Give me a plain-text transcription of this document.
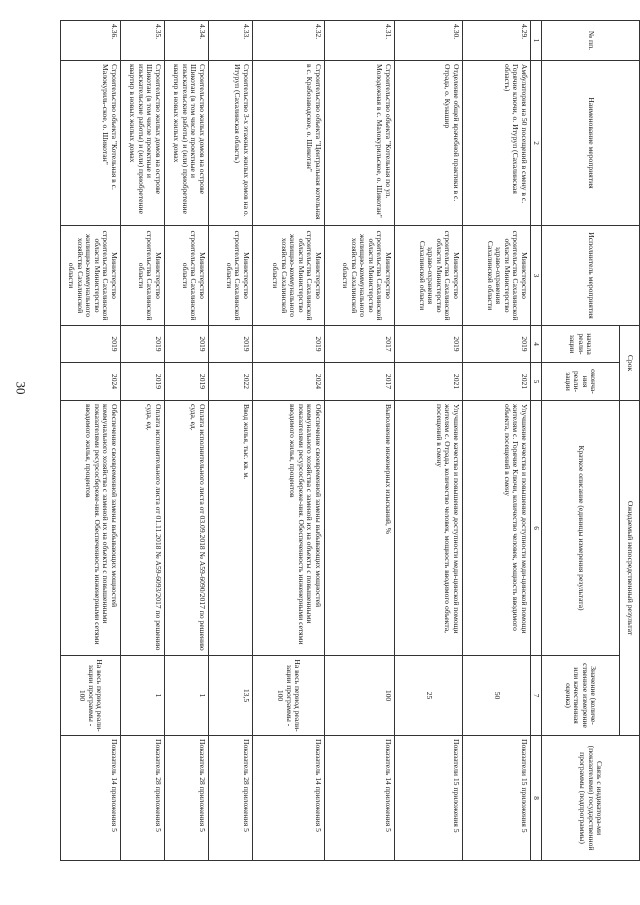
30
№ пп.	Наименование мероприятия	Исполнитель мероприятия	Срок		Ожидаемый непосредственный результат		Связь с индикатора-ми (показателями) государственной программы (подпрограммы)
			начала реали-зации	оконча-ния реали-зации	Краткое описание (единицы измерения результата)	Значение (количе-ственное измерение или качественная оценка)	
1	2	3	4	5	6	7	8
4.29.	Амбулатория на 50 посещений в смену в с. Горячие ключи, о. Итуруп (Сахалинская область)	Министерство строительства Сахалинской области Министерство здраво-охранения Сахалинской области	2019	2021	Улучшение качества и повышение доступности меди-цинской помощи жителям с. Горячие Ключи, количество человек, мощность вводимого объекта, посещений в смену	50	Показатели 15 приложения 5
4.30.	Отделение общей врачебной практики в с. Отрада, о. Кунашир	Министерство строительства Сахалинской области Министерство здраво-охранения Сахалинской области	2019	2021	Улучшение качества и повышение доступности меди-цинской помощи жителям с. Отрада, количество человек, мощность вводимого объекта, посещений в смену	25	Показатели 15 приложения 5
4.31.	Строительство объекта "Котельная по ул. Молодежная в с. Малокурильское, о. Шикотан"	Министерство строительства Сахалинской области Министерство жилищно-коммунального хозяйства Сахалинской области	2017	2017	Выполнение инженерных изысканий, %	100	Показатель 14 приложения 5
4.32.	Строительство объекта "Центральная котельная в с. Крабозаводское, о. Шикотан"	Министерство строительства Сахалинской области Министерство жилищно-коммунального хозяйства Сахалинской области	2019	2024	Обеспечение своевременной замены выбывающих мощностей коммунального хозяйства с заменой их на объекты с повышенными показателями ресурсосбереже-ния. Обеспеченность инженерными сетями вводимого жилья, процентов	На весь период реали-зации программы - 100	Показатель 14 приложения 5
4.33.	Строительство 3-х этажных жилых домов на о. Итуруп (Сахалинская область)	Министерство строительства Сахалинской области	2019	2022	Ввод жилья, тыс. кв. м.	13,5	Показатель 28 приложения 5
4.34.	Строительство жилых домов на острове Шикотан (в том числе проектные и изыскательские работы) и (или) приобретение квартир в новых жилых домах	Министерство строительства Сахалинской области	2019	2019	Оплата исполнительного листа от 03.09.2018 № А59-6090/2017 по решению суда, ед.	1	Показатель 28 приложения 5
4.35.	Строительство жилых домов на острове Шикотан (в том числе проектные и изыскательские работы) и (или) приобретение квартир в новых жилых домах	Министерство строительства Сахалинской области	2019	2019	Оплата исполнительного листа от 01.11.2018 № А59-6093/2017 по решению суда, ед.	1	Показатель 28 приложения 5
4.36.	Строительство объекта "Котельная в с. Малокуриль-ское, о. Шикотан"	Министерство строительства Сахалинской области Министерство жилищно-коммунального хозяйства Сахалинской области	2019	2024	Обеспечение своевременной замены выбывающих мощностей коммунального хозяйства с заменой их на объекты с повышенными показателями ресурсосбереже-ния. Обеспеченность инженерными сетями вводимого жилья, процентов	На весь период реали-зации программы - 100	Показатель 14 приложения 5
